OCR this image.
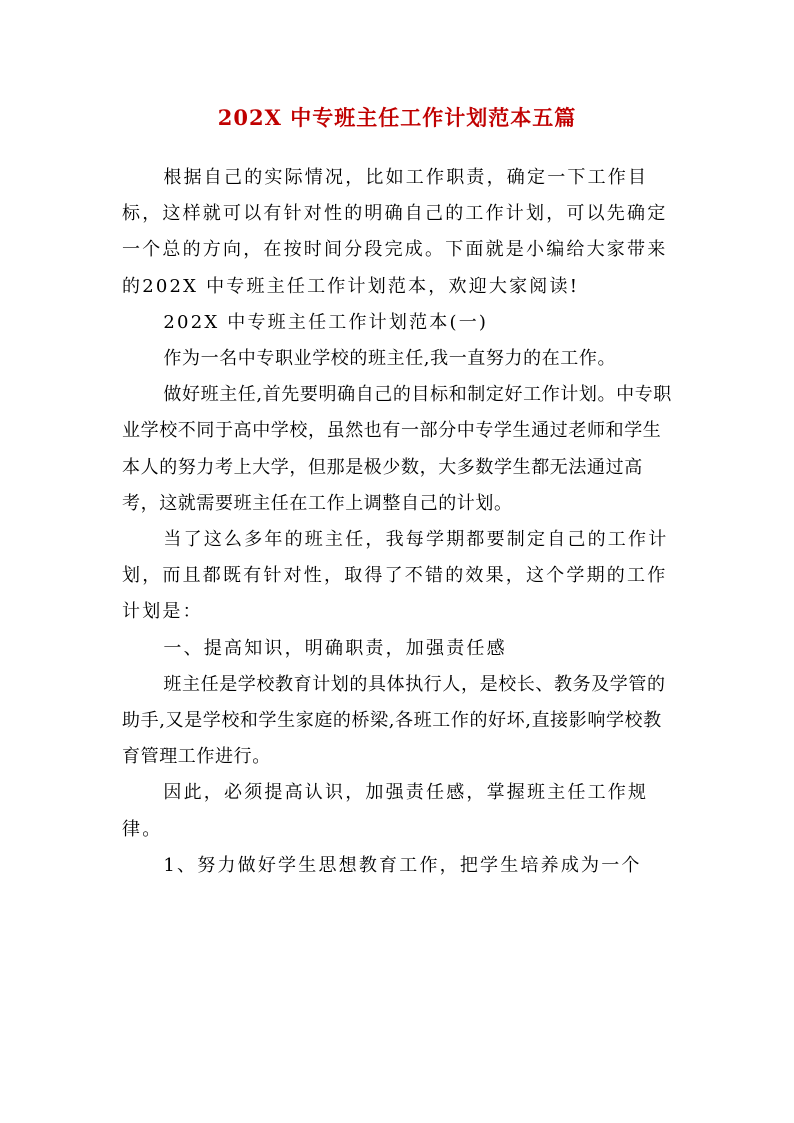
202X 中专班主任工作计划范本五篇

根据自己的实际情况，比如工作职责，确定一下工作目标，这样就可以有针对性的明确自己的工作计划，可以先确定一个总的方向，在按时间分段完成。下面就是小编给大家带来的202X 中专班主任工作计划范本，欢迎大家阅读!

202X 中专班主任工作计划范本(一)

作为一名中专职业学校的班主任,我一直努力的在工作。

做好班主任,首先要明确自己的目标和制定好工作计划。中专职业学校不同于高中学校，虽然也有一部分中专学生通过老师和学生本人的努力考上大学，但那是极少数，大多数学生都无法通过高考，这就需要班主任在工作上调整自己的计划。

当了这么多年的班主任，我每学期都要制定自己的工作计划，而且都既有针对性，取得了不错的效果，这个学期的工作计划是：

一、提高知识，明确职责，加强责任感

班主任是学校教育计划的具体执行人，是校长、教务及学管的助手,又是学校和学生家庭的桥梁,各班工作的好坏,直接影响学校教育管理工作进行。

因此，必须提高认识，加强责任感，掌握班主任工作规律。

1、努力做好学生思想教育工作，把学生培养成为一个
